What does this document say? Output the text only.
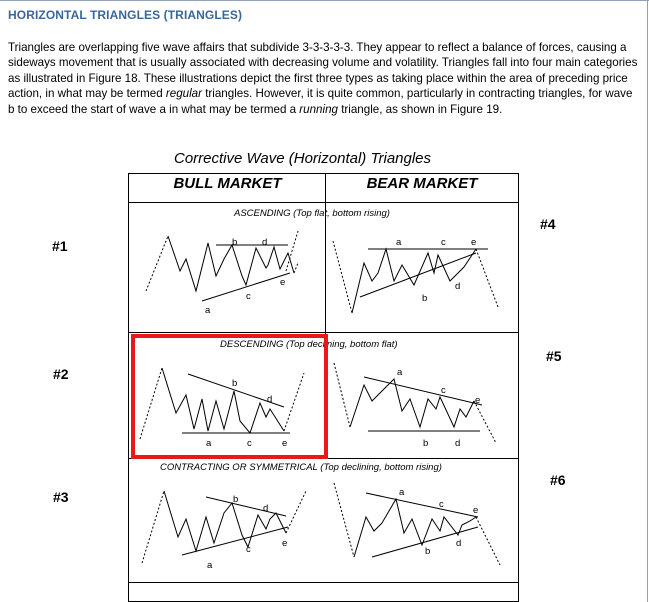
HORIZONTAL TRIANGLES (TRIANGLES)
Triangles are overlapping five wave affairs that subdivide 3-3-3-3-3. They appear to reflect a balance of forces, causing a sideways movement that is usually associated with decreasing volume and volatility. Triangles fall into four main categories as illustrated in Figure 18. These illustrations depict the first three types as taking place within the area of preceding price action, in what may be termed regular triangles. However, it is quite common, particularly in contracting triangles, for wave b to exceed the start of wave a in what may be termed a running triangle, as shown in Figure 19.
Corrective Wave (Horizontal) Triangles
BULL MARKET	BEAR MARKET
#1
#4
#2
#5
#3
#6
ASCENDING (Top flat, bottom rising)
DESCENDING (Top declining, bottom flat)
CONTRACTING OR SYMMETRICAL (Top declining, bottom rising)
b	d
a
c
e
a	c	e
b
d
b
d
a	c	e
a
c
e
b	d
b
d
a
c
e
a
c
e
b
d
